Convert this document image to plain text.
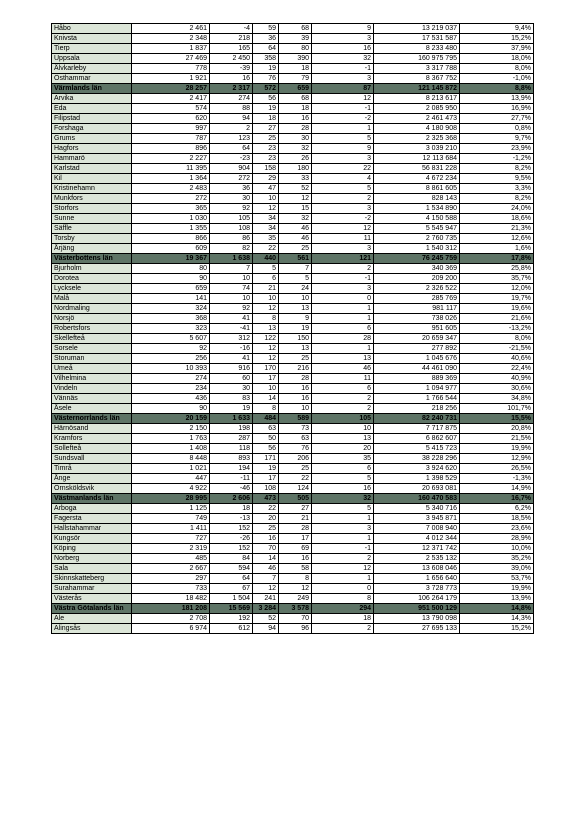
Håbo	2 461	-4	59	68	9	13 219 037	9,4%
Knivsta	2 348	218	36	39	3	17 531 587	15,2%
Tierp	1 837	165	64	80	16	8 233 480	37,9%
Uppsala	27 469	2 450	358	390	32	160 975 795	18,0%
Älvkarleby	778	-39	19	18	-1	3 317 788	8,0%
Östhammar	1 921	16	76	79	3	8 367 752	-1,0%
Värmlands län	28 257	2 317	572	659	87	121 145 872	8,8%
Arvika	2 417	274	56	68	12	8 213 617	13,9%
Eda	574	88	19	18	-1	2 085 950	16,9%
Filipstad	620	94	18	16	-2	2 461 473	27,7%
Forshaga	997	2	27	28	1	4 180 908	0,8%
Grums	787	123	25	30	5	2 325 368	9,7%
Hagfors	896	64	23	32	9	3 039 210	23,9%
Hammarö	2 227	-23	23	26	3	12 113 684	-1,2%
Karlstad	11 395	904	158	180	22	56 831 228	8,2%
Kil	1 364	272	29	33	4	4 672 234	9,5%
Kristinehamn	2 483	36	47	52	5	8 861 605	3,3%
Munkfors	272	30	10	12	2	828 143	8,2%
Storfors	365	92	12	15	3	1 534 890	24,0%
Sunne	1 030	105	34	32	-2	4 150 588	18,6%
Säffle	1 355	108	34	46	12	5 545 947	21,3%
Torsby	866	86	35	46	11	2 760 735	12,6%
Årjäng	609	82	22	25	3	1 540 312	1,6%
Västerbottens län	19 367	1 638	440	561	121	76 245 759	17,8%
Bjurholm	80	7	5	7	2	340 369	25,8%
Dorotea	90	10	6	5	-1	209 200	35,7%
Lycksele	659	74	21	24	3	2 326 522	12,0%
Malå	141	10	10	10	0	285 769	19,7%
Nordmaling	324	92	12	13	1	981 117	19,6%
Norsjö	368	41	8	9	1	738 026	21,6%
Robertsfors	323	-41	13	19	6	951 605	-13,2%
Skellefteå	5 607	312	122	150	28	20 659 347	8,0%
Sorsele	92	-16	12	13	1	277 892	-21,5%
Storuman	256	41	12	25	13	1 045 676	40,6%
Umeå	10 393	916	170	216	46	44 461 090	22,4%
Vilhelmina	274	60	17	28	11	889 369	40,9%
Vindeln	234	30	10	16	6	1 094 977	30,6%
Vännäs	436	83	14	16	2	1 766 544	34,8%
Åsele	90	19	8	10	2	218 256	101,7%
Västernorrlands län	20 159	1 633	484	589	105	82 240 731	15,5%
Härnösand	2 150	198	63	73	10	7 717 875	20,8%
Kramfors	1 763	287	50	63	13	6 862 607	21,5%
Sollefteå	1 408	118	56	76	20	5 415 723	19,9%
Sundsvall	8 448	893	171	206	35	38 228 296	12,9%
Timrå	1 021	194	19	25	6	3 924 620	26,5%
Ånge	447	-11	17	22	5	1 398 529	-1,3%
Örnsköldsvik	4 922	-46	108	124	16	20 693 081	14,9%
Västmanlands län	28 995	2 606	473	505	32	160 470 583	16,7%
Arboga	1 125	18	22	27	5	5 340 716	6,2%
Fagersta	749	-13	20	21	1	3 945 871	18,5%
Hallstahammar	1 411	152	25	28	3	7 008 940	23,6%
Kungsör	727	-26	16	17	1	4 012 344	28,9%
Köping	2 319	152	70	69	-1	12 371 742	10,0%
Norberg	485	84	14	16	2	2 535 132	35,2%
Sala	2 667	594	46	58	12	13 608 046	39,0%
Skinnskatteberg	297	64	7	8	1	1 656 640	53,7%
Surahammar	733	67	12	12	0	3 728 773	19,9%
Västerås	18 482	1 504	241	249	8	106 264 179	13,9%
Västra Götalands län	181 208	15 569	3 284	3 578	294	951 500 129	14,8%
Ale	2 708	192	52	70	18	13 790 098	14,3%
Alingsås	6 974	612	94	96	2	27 695 133	15,2%
